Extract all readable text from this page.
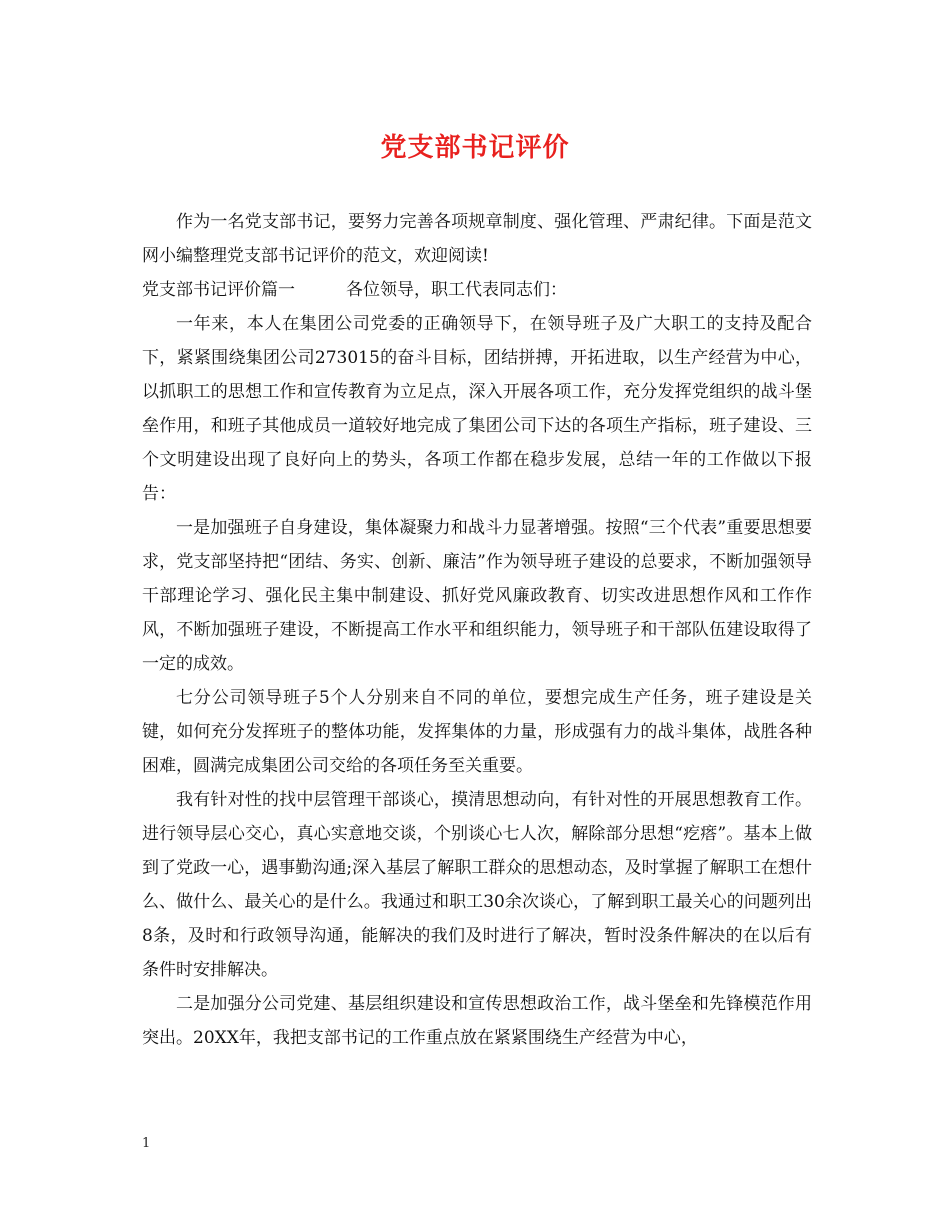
党支部书记评价

作为一名党支部书记，要努力完善各项规章制度、强化管理、严肃纪律。下面是范文网小编整理党支部书记评价的范文，欢迎阅读!

党支部书记评价篇一　　　各位领导，职工代表同志们：

一年来，本人在集团公司党委的正确领导下，在领导班子及广大职工的支持及配合下，紧紧围绕集团公司273015的奋斗目标，团结拼搏，开拓进取，以生产经营为中心，以抓职工的思想工作和宣传教育为立足点，深入开展各项工作，充分发挥党组织的战斗堡垒作用，和班子其他成员一道较好地完成了集团公司下达的各项生产指标，班子建设、三个文明建设出现了良好向上的势头，各项工作都在稳步发展，总结一年的工作做以下报告：

一是加强班子自身建设，集体凝聚力和战斗力显著增强。按照“三个代表”重要思想要求，党支部坚持把“团结、务实、创新、廉洁”作为领导班子建设的总要求，不断加强领导干部理论学习、强化民主集中制建设、抓好党风廉政教育、切实改进思想作风和工作作风，不断加强班子建设，不断提高工作水平和组织能力，领导班子和干部队伍建设取得了一定的成效。

七分公司领导班子5个人分别来自不同的单位，要想完成生产任务，班子建设是关键，如何充分发挥班子的整体功能，发挥集体的力量，形成强有力的战斗集体，战胜各种困难，圆满完成集团公司交给的各项任务至关重要。

我有针对性的找中层管理干部谈心，摸清思想动向，有针对性的开展思想教育工作。进行领导层心交心，真心实意地交谈，个别谈心七人次，解除部分思想“疙瘩”。基本上做到了党政一心，遇事勤沟通;深入基层了解职工群众的思想动态，及时掌握了解职工在想什么、做什么、最关心的是什么。我通过和职工30余次谈心，了解到职工最关心的问题列出8条，及时和行政领导沟通，能解决的我们及时进行了解决，暂时没条件解决的在以后有条件时安排解决。

二是加强分公司党建、基层组织建设和宣传思想政治工作，战斗堡垒和先锋模范作用突出。20XX年，我把支部书记的工作重点放在紧紧围绕生产经营为中心，

1
